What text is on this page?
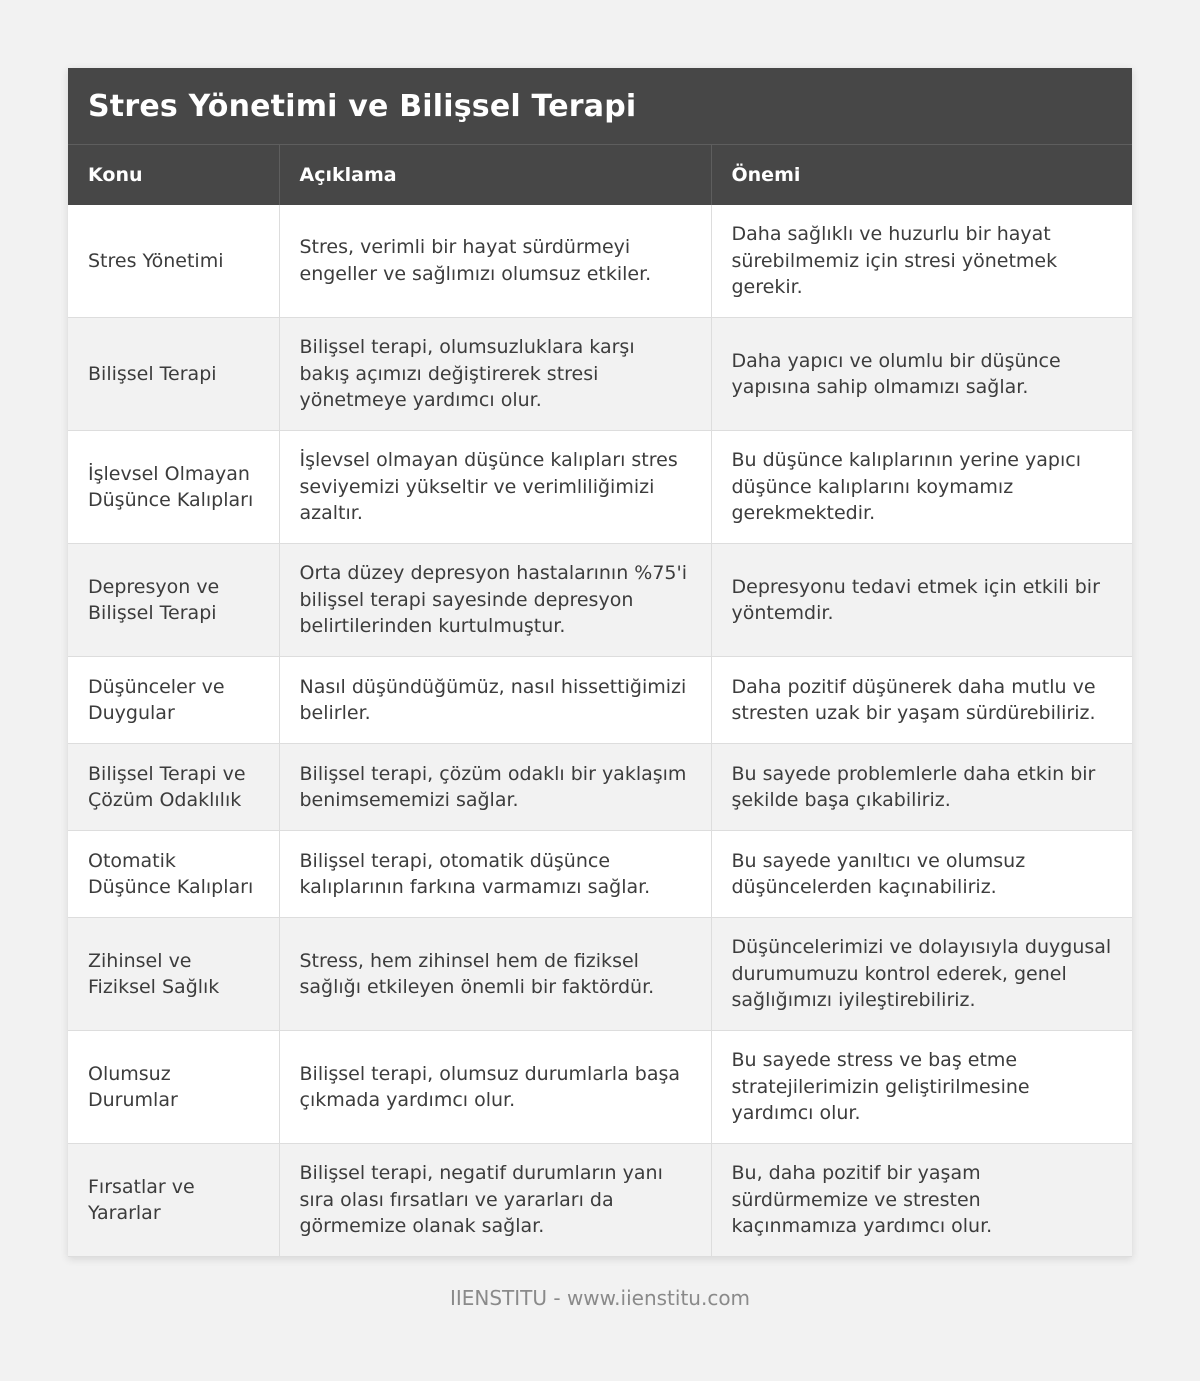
Stres Yönetimi ve Bilişsel Terapi
Konu	Açıklama	Önemi
Stres Yönetimi	Stres, verimli bir hayat sürdürmeyi engeller ve sağlımızı olumsuz etkiler.	Daha sağlıklı ve huzurlu bir hayat sürebilmemiz için stresi yönetmek gerekir.
Bilişsel Terapi	Bilişsel terapi, olumsuzluklara karşı bakış açımızı değiştirerek stresi yönetmeye yardımcı olur.	Daha yapıcı ve olumlu bir düşünce yapısına sahip olmamızı sağlar.
İşlevsel Olmayan Düşünce Kalıpları	İşlevsel olmayan düşünce kalıpları stres seviyemizi yükseltir ve verimliliğimizi azaltır.	Bu düşünce kalıplarının yerine yapıcı düşünce kalıplarını koymamız gerekmektedir.
Depresyon ve Bilişsel Terapi	Orta düzey depresyon hastalarının %75'i bilişsel terapi sayesinde depresyon belirtilerinden kurtulmuştur.	Depresyonu tedavi etmek için etkili bir yöntemdir.
Düşünceler ve Duygular	Nasıl düşündüğümüz, nasıl hissettiğimizi belirler.	Daha pozitif düşünerek daha mutlu ve stresten uzak bir yaşam sürdürebiliriz.
Bilişsel Terapi ve Çözüm Odaklılık	Bilişsel terapi, çözüm odaklı bir yaklaşım benimsememizi sağlar.	Bu sayede problemlerle daha etkin bir şekilde başa çıkabiliriz.
Otomatik Düşünce Kalıpları	Bilişsel terapi, otomatik düşünce kalıplarının farkına varmamızı sağlar.	Bu sayede yanıltıcı ve olumsuz düşüncelerden kaçınabiliriz.
Zihinsel ve Fiziksel Sağlık	Stress, hem zihinsel hem de fiziksel sağlığı etkileyen önemli bir faktördür.	Düşüncelerimizi ve dolayısıyla duygusal durumumuzu kontrol ederek, genel sağlığımızı iyileştirebiliriz.
Olumsuz Durumlar	Bilişsel terapi, olumsuz durumlarla başa çıkmada yardımcı olur.	Bu sayede stress ve baş etme stratejilerimizin geliştirilmesine yardımcı olur.
Fırsatlar ve Yararlar	Bilişsel terapi, negatif durumların yanı sıra olası fırsatları ve yararları da görmemize olanak sağlar.	Bu, daha pozitif bir yaşam sürdürmemize ve stresten kaçınmamıza yardımcı olur.
IIENSTITU - www.iienstitu.com
